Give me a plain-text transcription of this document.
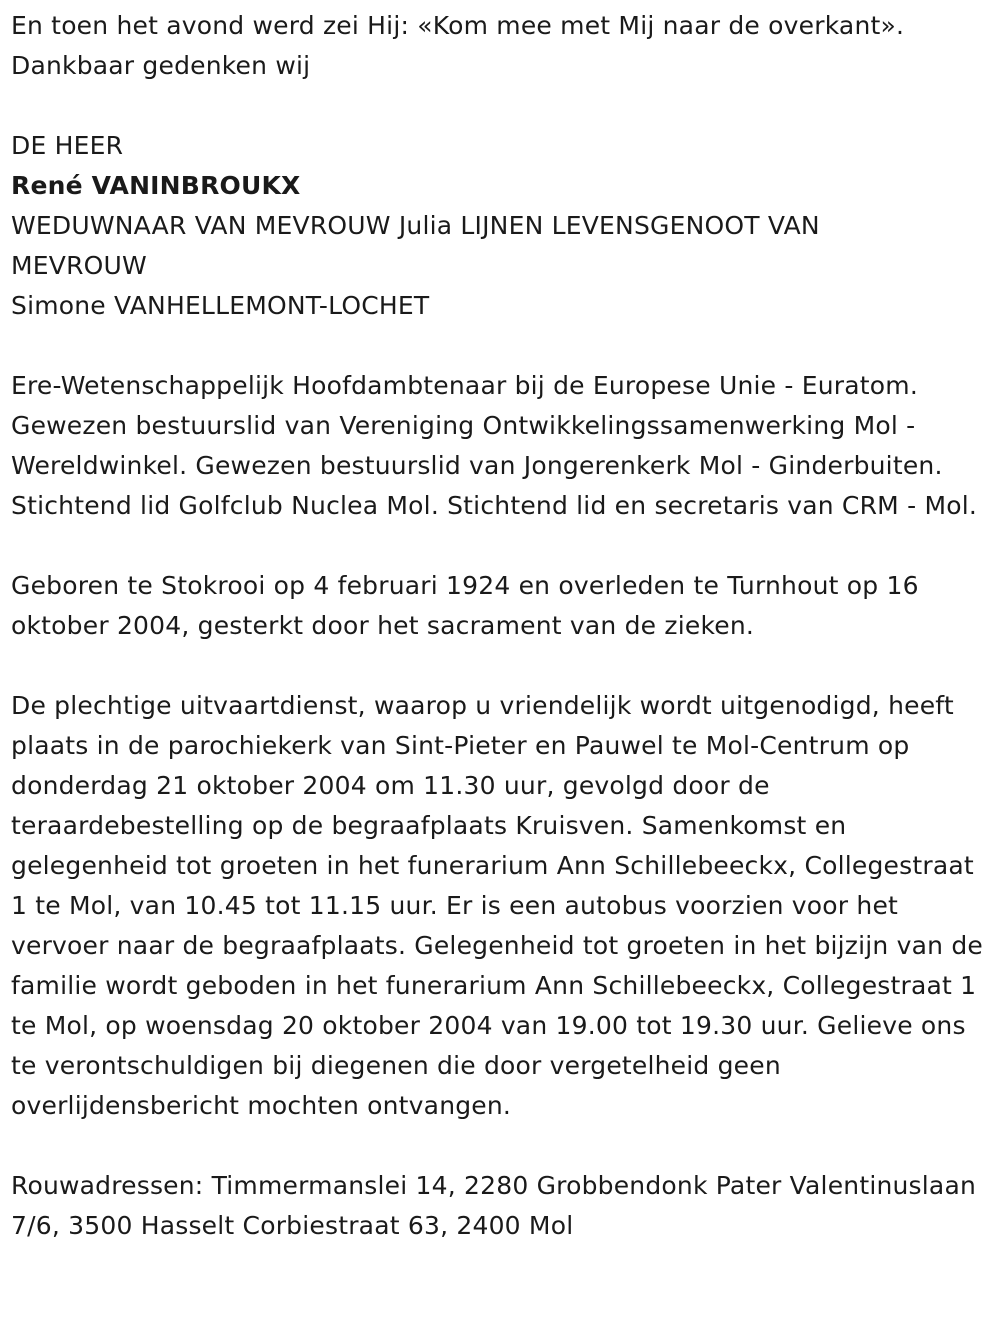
En toen het avond werd zei Hij: «Kom mee met Mij naar de overkant».
Dankbaar gedenken wij
DE HEER
René VANINBROUKX
WEDUWNAAR VAN MEVROUW Julia LIJNEN LEVENSGENOOT VAN
MEVROUW
Simone VANHELLEMONT-LOCHET

Ere-Wetenschappelijk Hoofdambtenaar bij de Europese Unie - Euratom. Gewezen bestuurslid van Vereniging Ontwikkelingssamenwerking Mol - Wereldwinkel. Gewezen bestuurslid van Jongerenkerk Mol - Ginderbuiten. Stichtend lid Golfclub Nuclea Mol. Stichtend lid en secretaris van CRM - Mol.

Geboren te Stokrooi op 4 februari 1924 en overleden te Turnhout op 16 oktober 2004, gesterkt door het sacrament van de zieken.

De plechtige uitvaartdienst, waarop u vriendelijk wordt uitgenodigd, heeft plaats in de parochiekerk van Sint-Pieter en Pauwel te Mol-Centrum op donderdag 21 oktober 2004 om 11.30 uur, gevolgd door de teraardebestelling op de begraafplaats Kruisven. Samenkomst en gelegenheid tot groeten in het funerarium Ann Schillebeeckx, Collegestraat 1 te Mol, van 10.45 tot 11.15 uur. Er is een autobus voorzien voor het vervoer naar de begraafplaats. Gelegenheid tot groeten in het bijzijn van de familie wordt geboden in het funerarium Ann Schillebeeckx, Collegestraat 1 te Mol, op woensdag 20 oktober 2004 van 19.00 tot 19.30 uur. Gelieve ons te verontschuldigen bij diegenen die door vergetelheid geen overlijdensbericht mochten ontvangen.

Rouwadressen: Timmermanslei 14, 2280 Grobbendonk Pater Valentinuslaan 7/6, 3500 Hasselt Corbiestraat 63, 2400 Mol
